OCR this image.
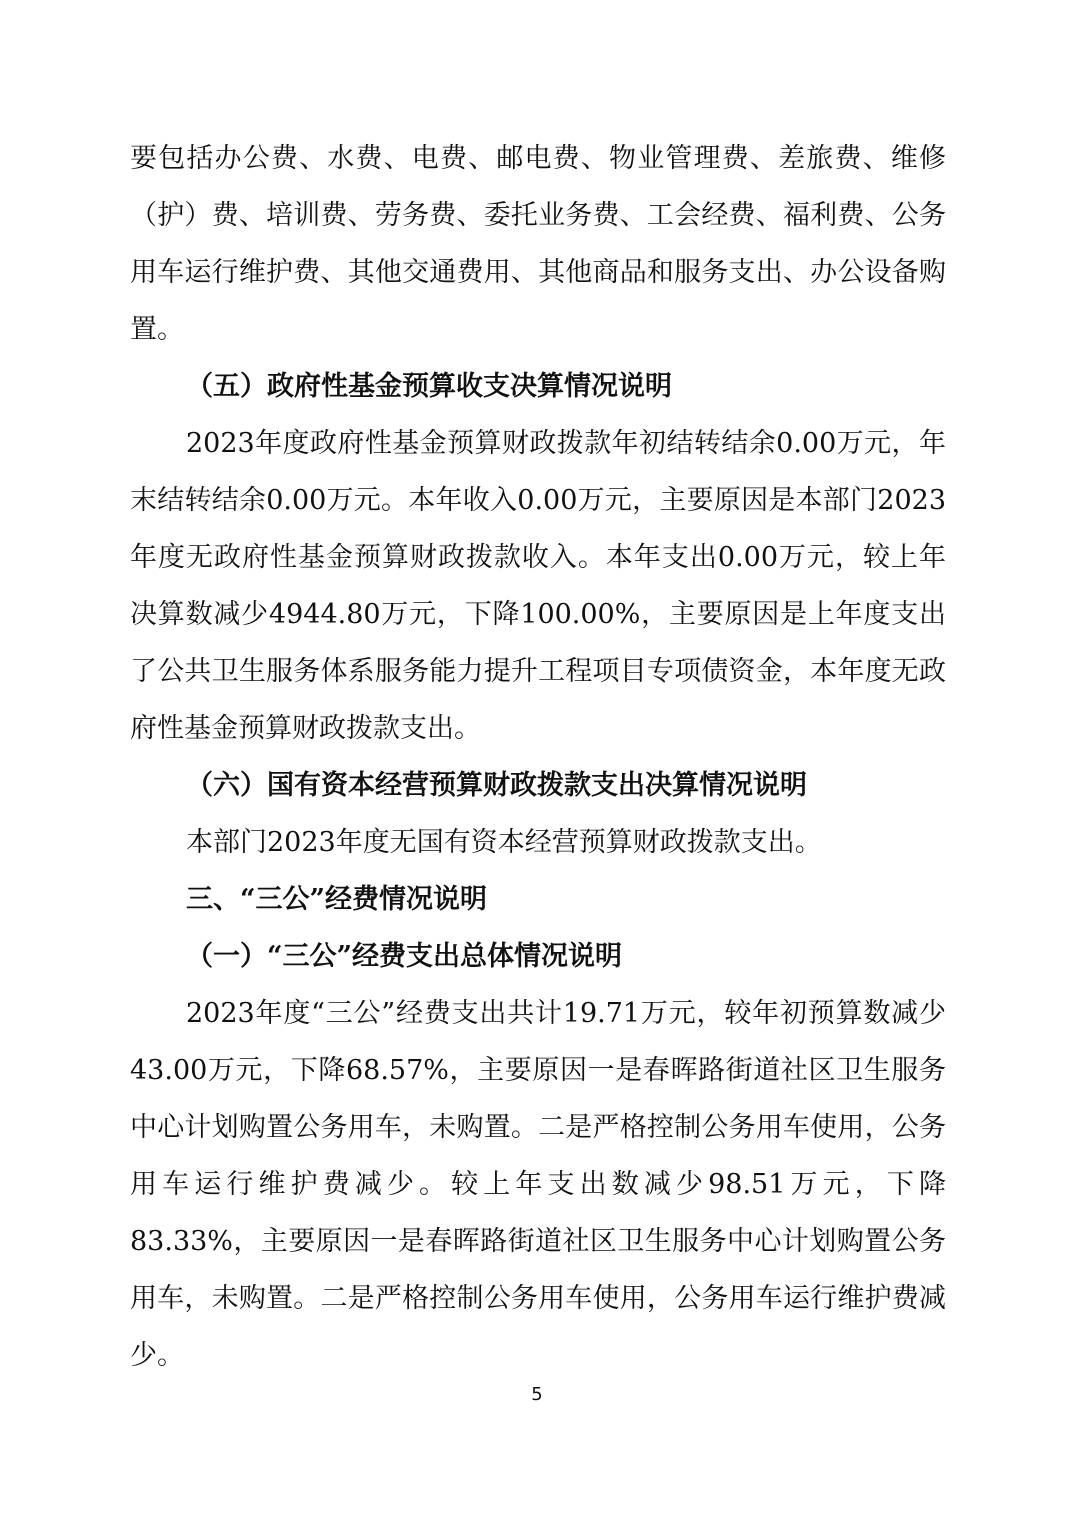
要包括办公费、水费、电费、邮电费、物业管理费、差旅费、维修（护）费、培训费、劳务费、委托业务费、工会经费、福利费、公务用车运行维护费、其他交通费用、其他商品和服务支出、办公设备购置。

（五）政府性基金预算收支决算情况说明

2023年度政府性基金预算财政拨款年初结转结余0.00万元，年末结转结余0.00万元。本年收入0.00万元，主要原因是本部门2023年度无政府性基金预算财政拨款收入。本年支出0.00万元，较上年决算数减少4944.80万元，下降100.00%，主要原因是上年度支出了公共卫生服务体系服务能力提升工程项目专项债资金，本年度无政府性基金预算财政拨款支出。

（六）国有资本经营预算财政拨款支出决算情况说明

本部门2023年度无国有资本经营预算财政拨款支出。

三、“三公”经费情况说明

（一）“三公”经费支出总体情况说明

2023年度“三公”经费支出共计19.71万元，较年初预算数减少43.00万元，下降68.57%，主要原因一是春晖路街道社区卫生服务中心计划购置公务用车，未购置。二是严格控制公务用车使用，公务用车运行维护费减少。较上年支出数减少98.51万元，下降83.33%，主要原因一是春晖路街道社区卫生服务中心计划购置公务用车，未购置。二是严格控制公务用车使用，公务用车运行维护费减少。

5
